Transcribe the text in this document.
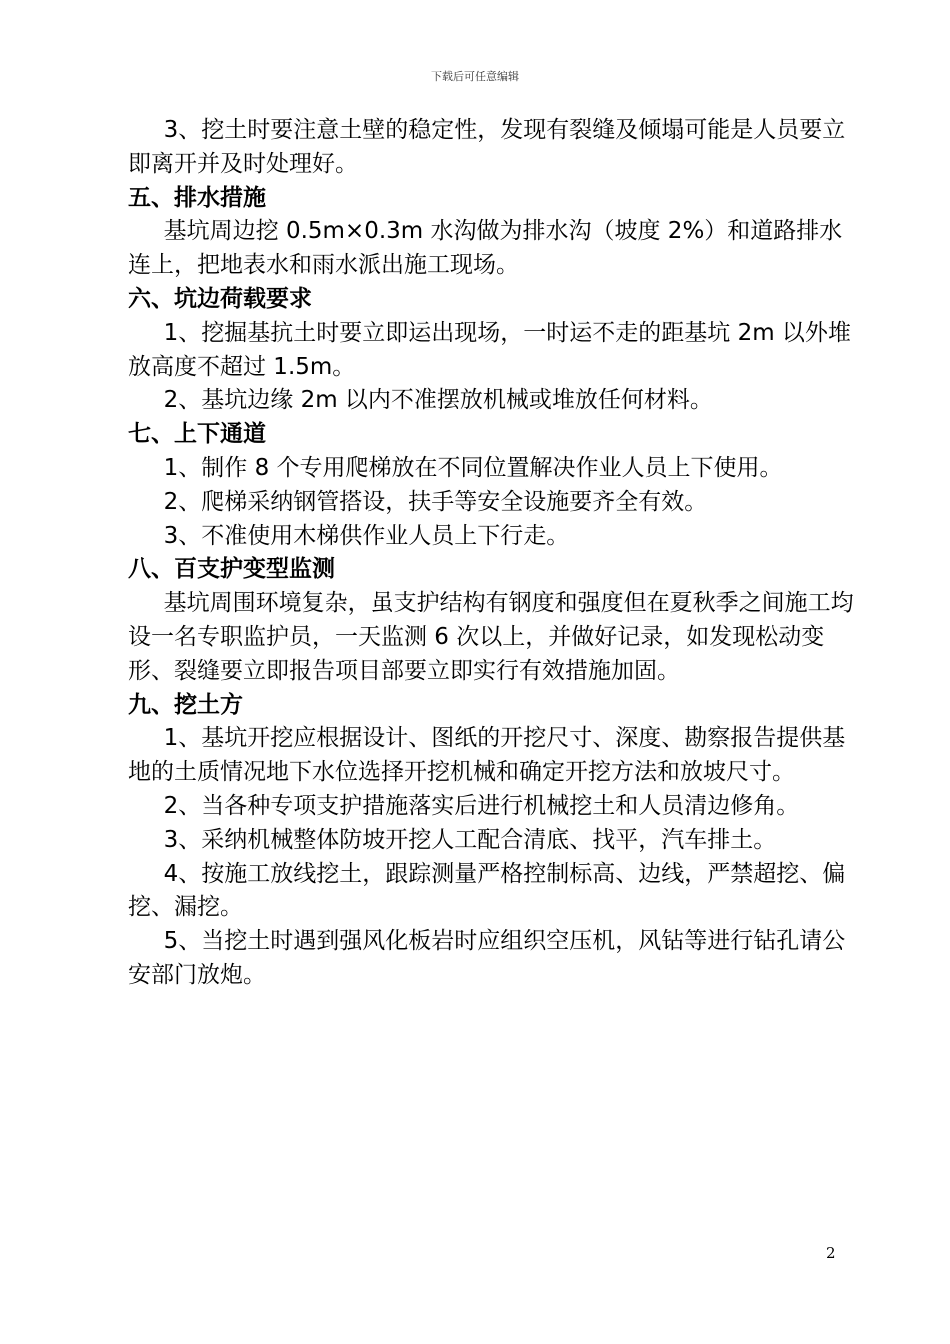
下载后可任意编辑

3、挖土时要注意土壁的稳定性，发现有裂缝及倾塌可能是人员要立即离开并及时处理好。

五、排水措施

基坑周边挖 0.5m×0.3m 水沟做为排水沟（坡度 2%）和道路排水连上，把地表水和雨水派出施工现场。

六、坑边荷载要求

1、挖掘基抗土时要立即运出现场，一时运不走的距基坑 2m 以外堆放高度不超过 1.5m。

2、基坑边缘 2m 以内不准摆放机械或堆放任何材料。

七、上下通道

1、制作 8 个专用爬梯放在不同位置解决作业人员上下使用。

2、爬梯采纳钢管搭设，扶手等安全设施要齐全有效。

3、不准使用木梯供作业人员上下行走。

八、百支护变型监测

基坑周围环境复杂，虽支护结构有钢度和强度但在夏秋季之间施工均设一名专职监护员，一天监测 6 次以上，并做好记录，如发现松动变形、裂缝要立即报告项目部要立即实行有效措施加固。

九、挖土方

1、基坑开挖应根据设计、图纸的开挖尺寸、深度、勘察报告提供基地的土质情况地下水位选择开挖机械和确定开挖方法和放坡尺寸。

2、当各种专项支护措施落实后进行机械挖土和人员清边修角。

3、采纳机械整体防坡开挖人工配合清底、找平，汽车排土。

4、按施工放线挖土，跟踪测量严格控制标高、边线，严禁超挖、偏挖、漏挖。

5、当挖土时遇到强风化板岩时应组织空压机，风钻等进行钻孔请公安部门放炮。

2
